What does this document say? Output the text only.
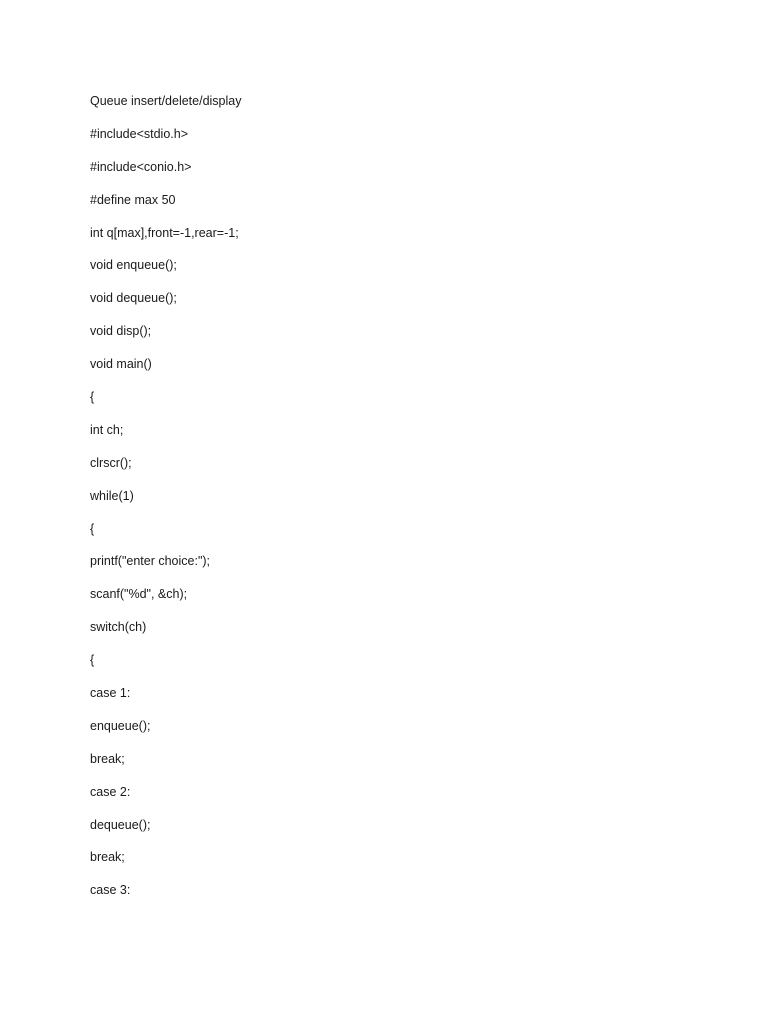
Queue insert/delete/display
#include<stdio.h>
#include<conio.h>
#define max 50
int q[max],front=-1,rear=-1;
void enqueue();
void dequeue();
void disp();
void main()
{
int ch;
clrscr();
while(1)
{
printf("enter choice:");
scanf("%d", &ch);
switch(ch)
{
case 1:
enqueue();
break;
case 2:
dequeue();
break;
case 3:
